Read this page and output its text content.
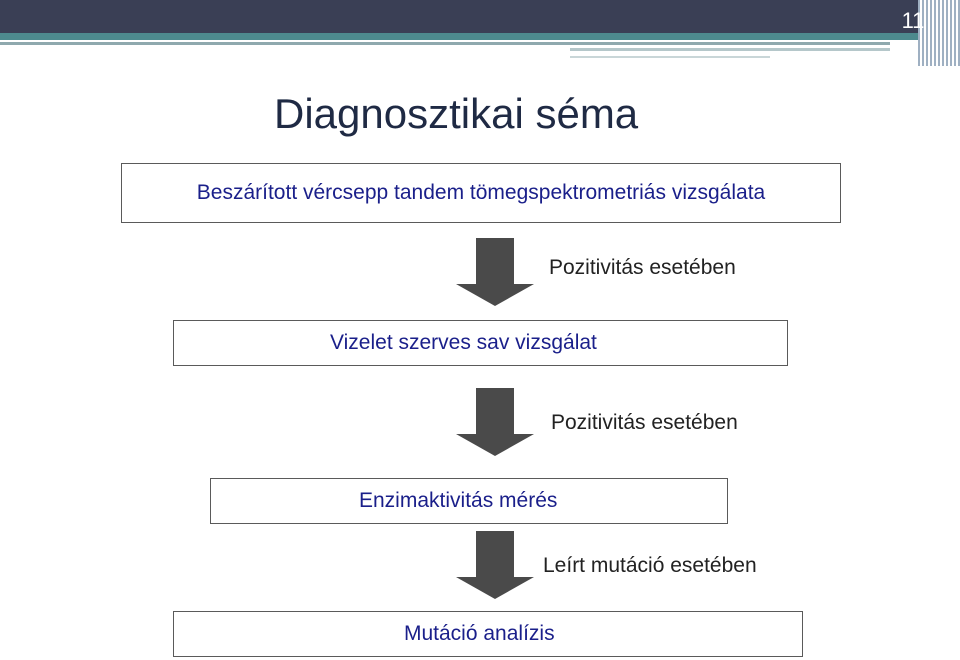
11
Diagnosztikai séma
Beszárított vércsepp tandem tömegspektrometriás vizsgálata
Pozitivitás esetében
Vizelet szerves sav vizsgálat
Pozitivitás esetében
Enzimaktivitás mérés
Leírt mutáció esetében
Mutáció analízis
